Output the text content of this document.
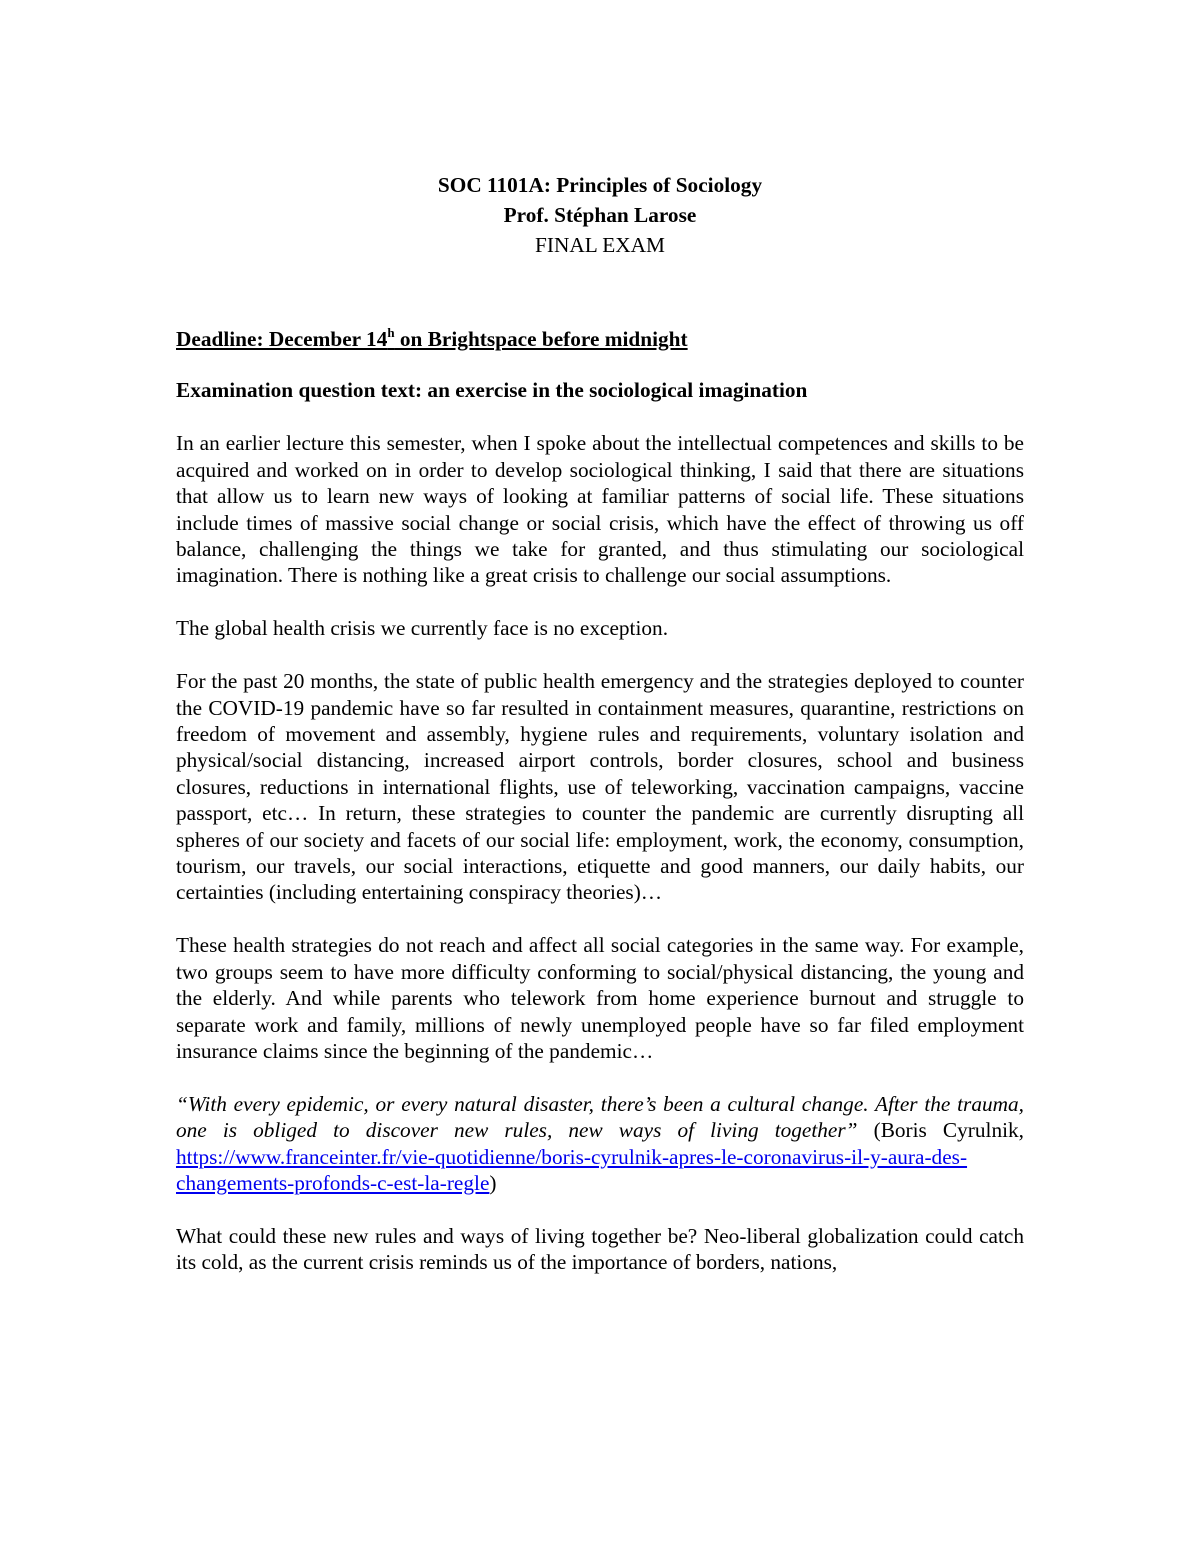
SOC 1101A: Principles of Sociology
Prof. Stéphan Larose
FINAL EXAM
Deadline: December 14$^h$ on Brightspace before midnight
Examination question text: an exercise in the sociological imagination

In an earlier lecture this semester, when I spoke about the intellectual competences and skills to be acquired and worked on in order to develop sociological thinking, I said that there are situations that allow us to learn new ways of looking at familiar patterns of social life. These situations include times of massive social change or social crisis, which have the effect of throwing us off balance, challenging the things we take for granted, and thus stimulating our sociological imagination. There is nothing like a great crisis to challenge our social assumptions.

The global health crisis we currently face is no exception.

For the past 20 months, the state of public health emergency and the strategies deployed to counter the COVID-19 pandemic have so far resulted in containment measures, quarantine, restrictions on freedom of movement and assembly, hygiene rules and requirements, voluntary isolation and physical/social distancing, increased airport controls, border closures, school and business closures, reductions in international flights, use of teleworking, vaccination campaigns, vaccine passport, etc… In return, these strategies to counter the pandemic are currently disrupting all spheres of our society and facets of our social life: employment, work, the economy, consumption, tourism, our travels, our social interactions, etiquette and good manners, our daily habits, our certainties (including entertaining conspiracy theories)…

These health strategies do not reach and affect all social categories in the same way. For example, two groups seem to have more difficulty conforming to social/physical distancing, the young and the elderly. And while parents who telework from home experience burnout and struggle to separate work and family, millions of newly unemployed people have so far filed employment insurance claims since the beginning of the pandemic…

“With every epidemic, or every natural disaster, there’s been a cultural change. After the trauma, one is obliged to discover new rules, new ways of living together” (Boris Cyrulnik, https://www.franceinter.fr/vie-quotidienne/boris-cyrulnik-apres-le-coronavirus-il-y-aura-des-changements-profonds-c-est-la-regle)

What could these new rules and ways of living together be? Neo-liberal globalization could catch its cold, as the current crisis reminds us of the importance of borders, nations,
